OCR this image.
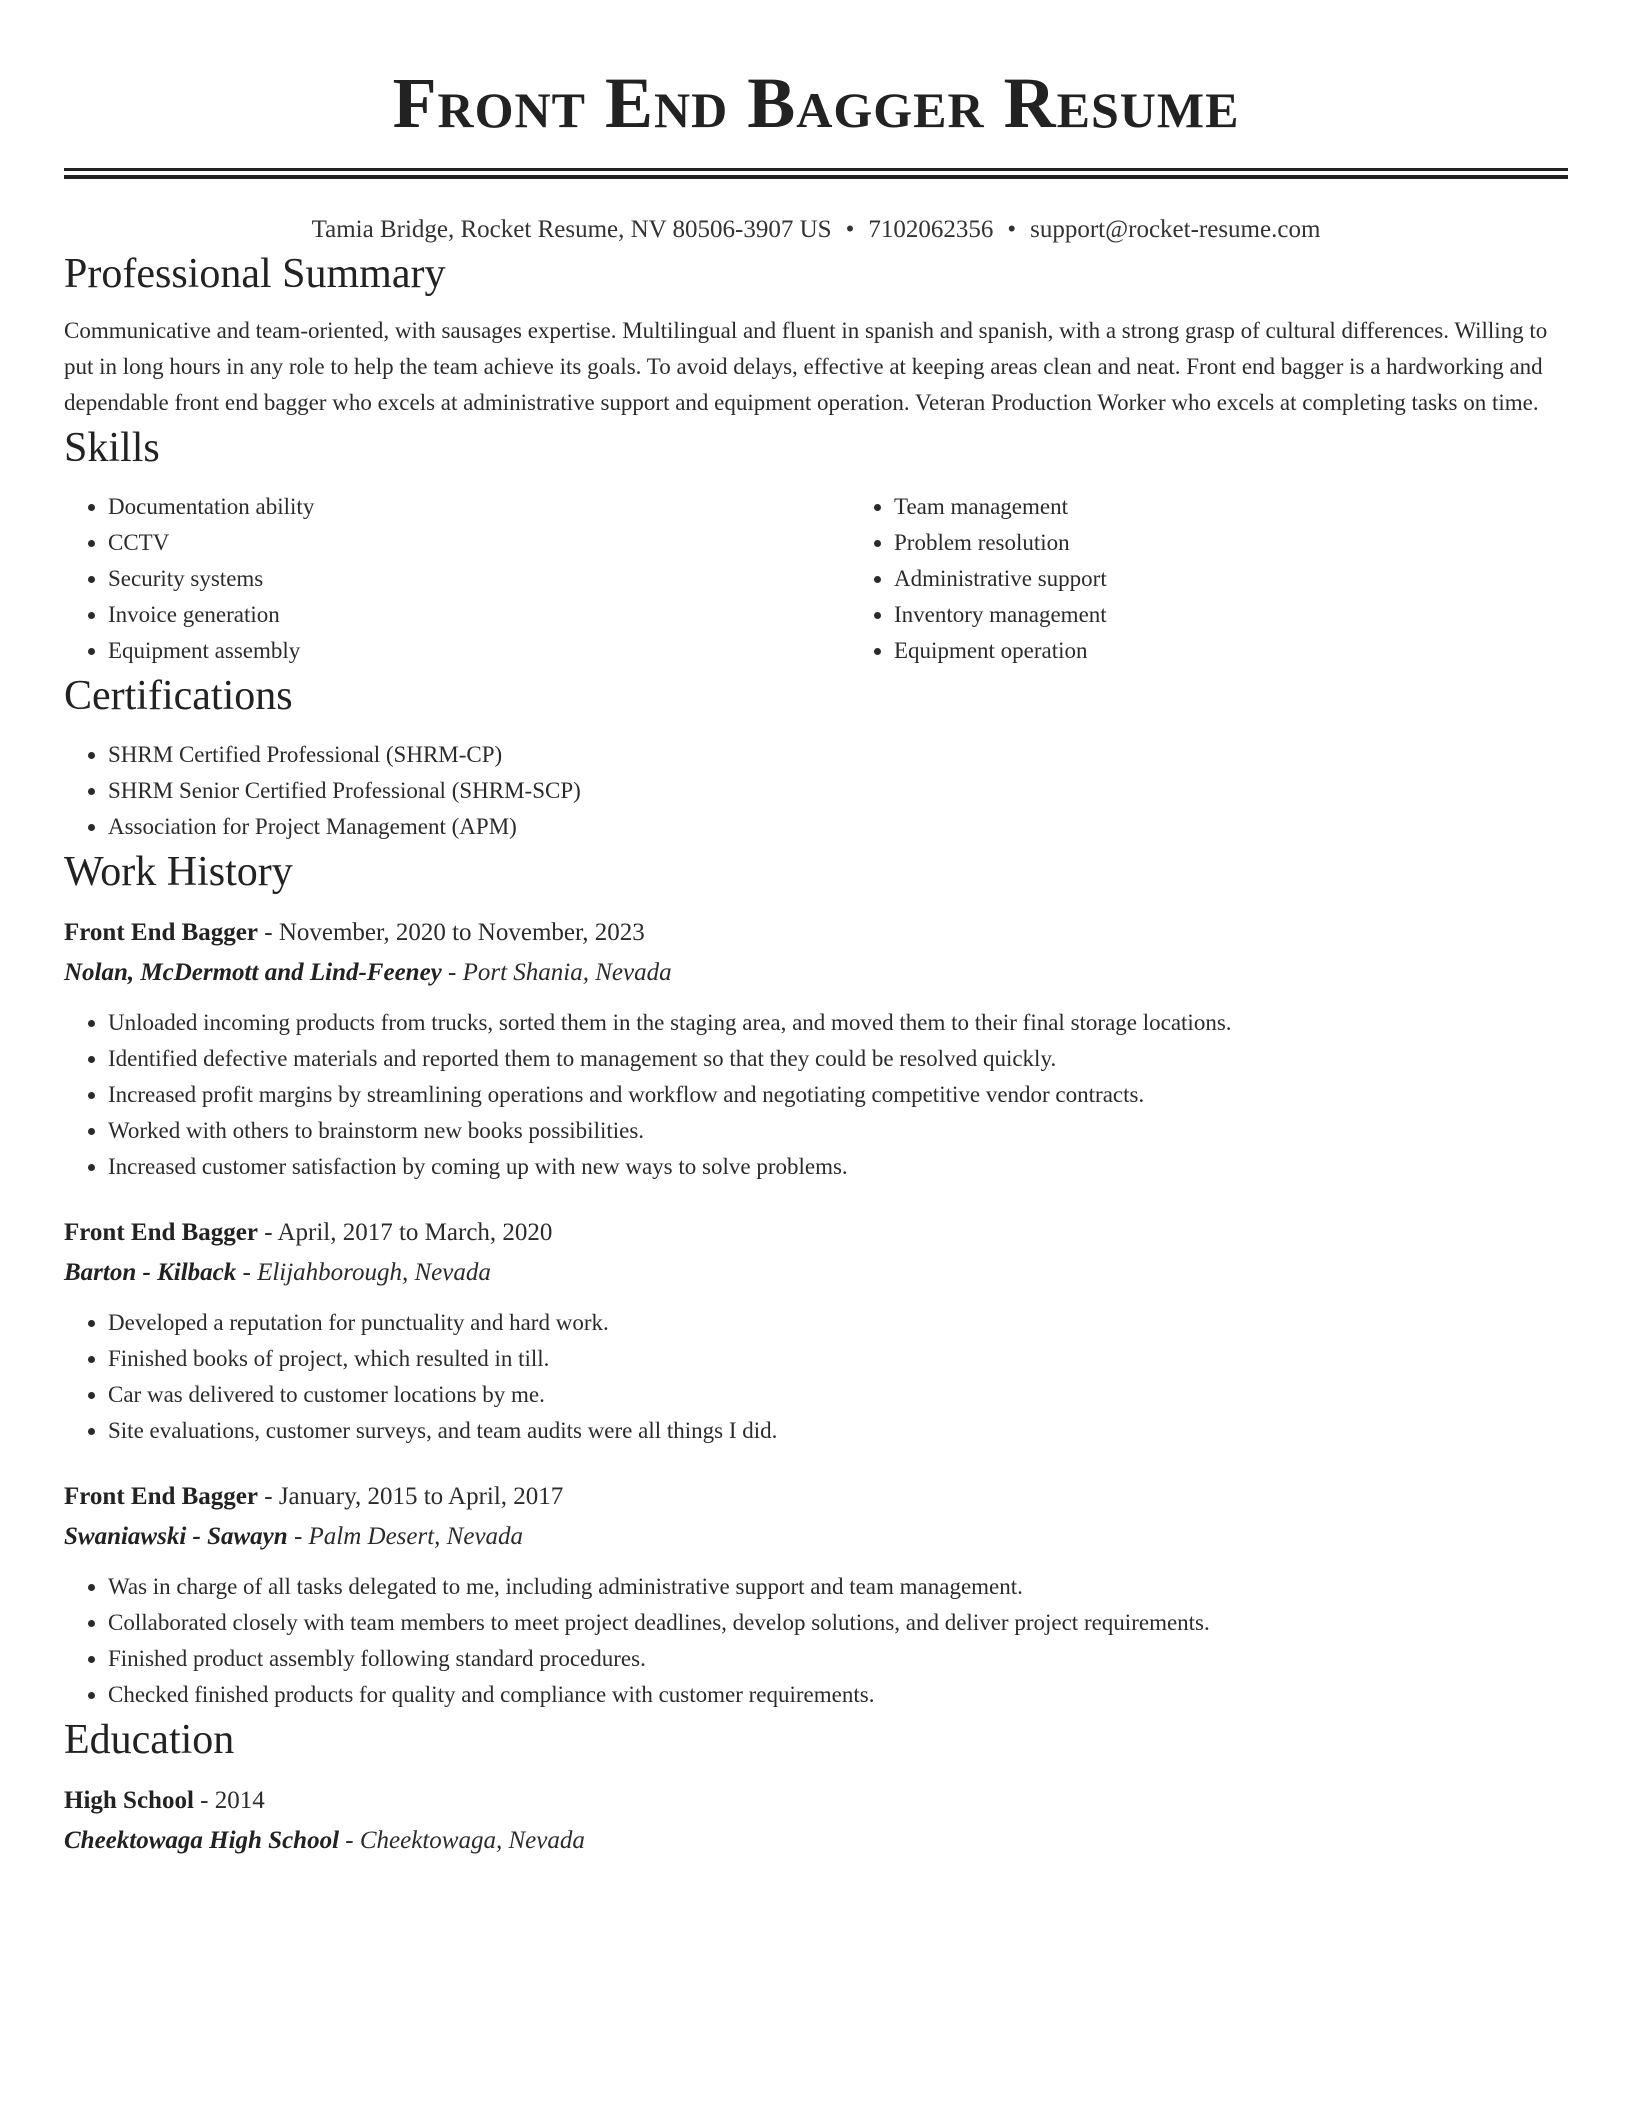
Front End Bagger Resume
Tamia Bridge, Rocket Resume, NV 80506-3907 US • 7102062356 • support@rocket-resume.com
Professional Summary

Communicative and team-oriented, with sausages expertise. Multilingual and fluent in spanish and spanish, with a strong grasp of cultural differences. Willing to put in long hours in any role to help the team achieve its goals. To avoid delays, effective at keeping areas clean and neat. Front end bagger is a hardworking and dependable front end bagger who excels at administrative support and equipment operation. Veteran Production Worker who excels at completing tasks on time.

Skills
• Documentation ability
• CCTV
• Security systems
• Invoice generation
• Equipment assembly
• Team management
• Problem resolution
• Administrative support
• Inventory management
• Equipment operation
Certifications
• SHRM Certified Professional (SHRM-CP)
• SHRM Senior Certified Professional (SHRM-SCP)
• Association for Project Management (APM)
Work History
Front End Bagger - November, 2020 to November, 2023
Nolan, McDermott and Lind-Feeney - Port Shania, Nevada
• Unloaded incoming products from trucks, sorted them in the staging area, and moved them to their final storage locations.
• Identified defective materials and reported them to management so that they could be resolved quickly.
• Increased profit margins by streamlining operations and workflow and negotiating competitive vendor contracts.
• Worked with others to brainstorm new books possibilities.
• Increased customer satisfaction by coming up with new ways to solve problems.
Front End Bagger - April, 2017 to March, 2020
Barton - Kilback - Elijahborough, Nevada
• Developed a reputation for punctuality and hard work.
• Finished books of project, which resulted in till.
• Car was delivered to customer locations by me.
• Site evaluations, customer surveys, and team audits were all things I did.
Front End Bagger - January, 2015 to April, 2017
Swaniawski - Sawayn - Palm Desert, Nevada
• Was in charge of all tasks delegated to me, including administrative support and team management.
• Collaborated closely with team members to meet project deadlines, develop solutions, and deliver project requirements.
• Finished product assembly following standard procedures.
• Checked finished products for quality and compliance with customer requirements.
Education
High School - 2014
Cheektowaga High School - Cheektowaga, Nevada
